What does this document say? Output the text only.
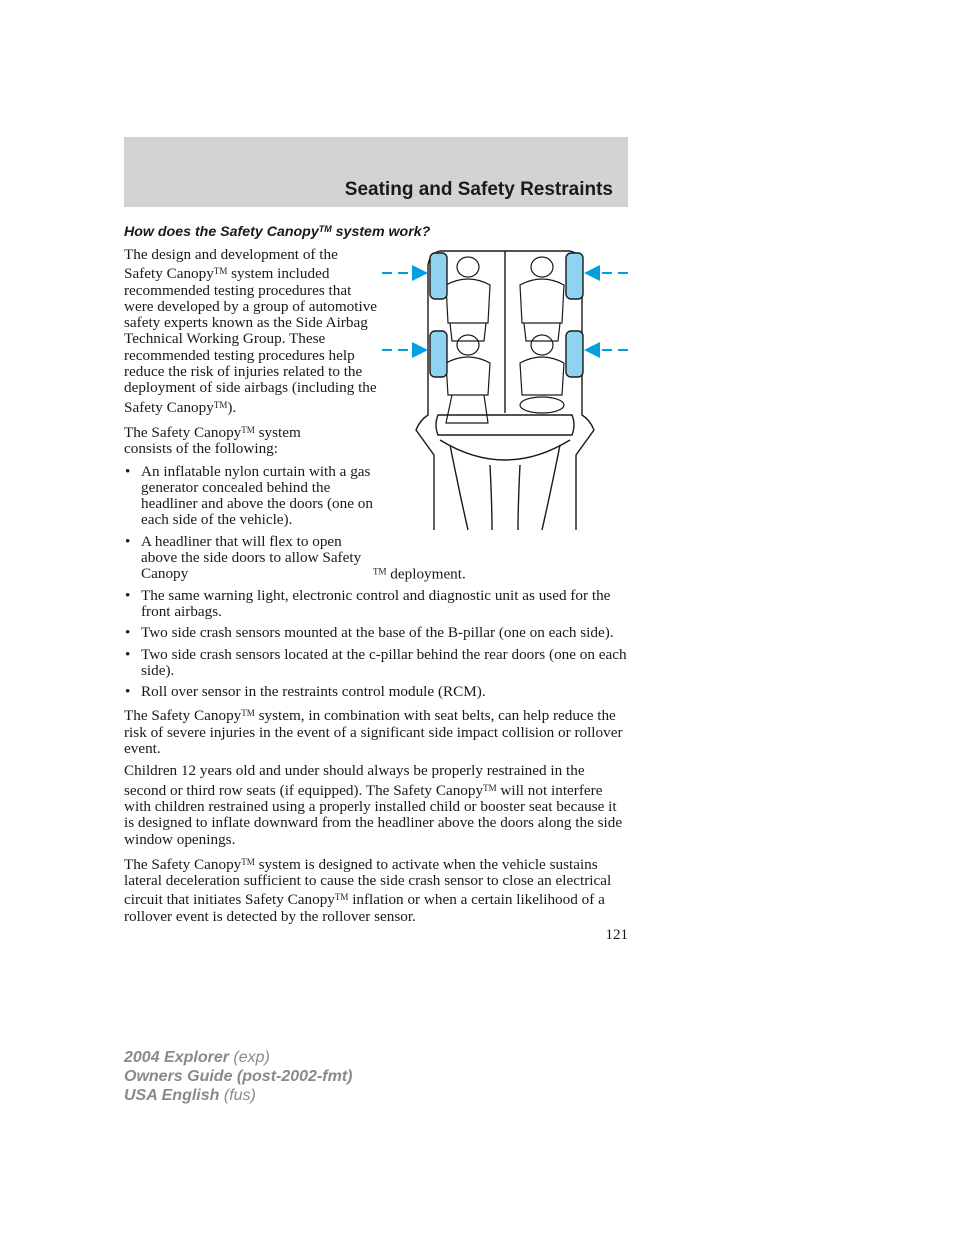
Seating and Safety Restraints
How does the Safety Canopy™ system work?

The design and development of the Safety Canopy™ system included recommended testing procedures that were developed by a group of automotive safety experts known as the Side Airbag Technical Working Group. These recommended testing procedures help reduce the risk of injuries related to the deployment of side airbags (including the Safety Canopy™).

The Safety Canopy™ system consists of the following:

• An inflatable nylon curtain with a gas generator concealed behind the headliner and above the doors (one on each side of the vehicle).
• A headliner that will flex to open above the side doors to allow Safety Canopy	™ deployment.
• The same warning light, electronic control and diagnostic unit as used for the front airbags.
• Two side crash sensors mounted at the base of the B-pillar (one on each side).
• Two side crash sensors located at the c-pillar behind the rear doors (one on each side).
• Roll over sensor in the restraints control module (RCM).

The Safety Canopy™ system, in combination with seat belts, can help reduce the risk of severe injuries in the event of a significant side impact collision or rollover event.

Children 12 years old and under should always be properly restrained in the second or third row seats (if equipped). The Safety Canopy™ will not interfere with children restrained using a properly installed child or booster seat because it is designed to inflate downward from the headliner above the doors along the side window openings.

The Safety Canopy™ system is designed to activate when the vehicle sustains lateral deceleration sufficient to cause the side crash sensor to close an electrical circuit that initiates Safety Canopy™ inflation or when a certain likelihood of a rollover event is detected by the rollover sensor.

121
2004 Explorer (exp)
Owners Guide (post-2002-fmt)
USA English (fus)
